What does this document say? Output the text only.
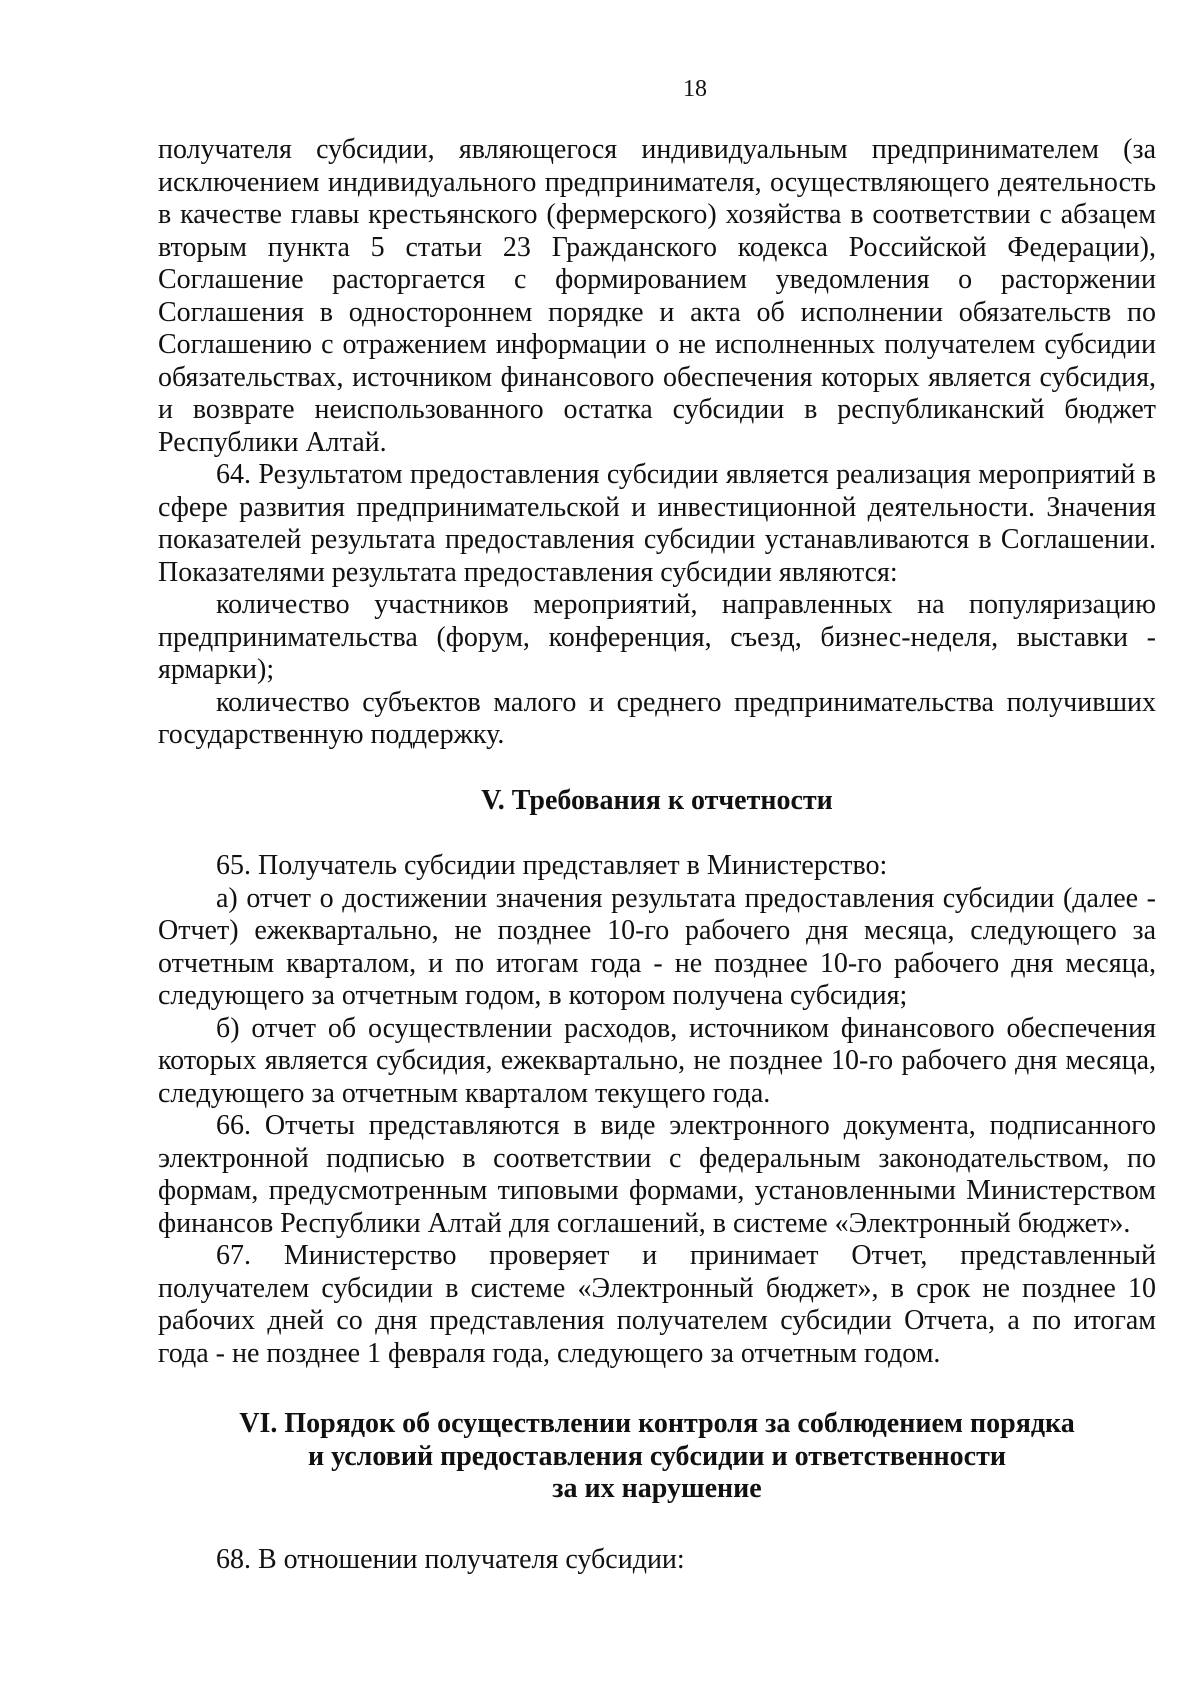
18

получателя субсидии, являющегося индивидуальным предпринимателем (за исключением индивидуального предпринимателя, осуществляющего деятельность в качестве главы крестьянского (фермерского) хозяйства в соответствии с абзацем вторым пункта 5 статьи 23 Гражданского кодекса Российской Федерации), Соглашение расторгается с формированием уведомления о расторжении Соглашения в одностороннем порядке и акта об исполнении обязательств по Соглашению с отражением информации о не исполненных получателем субсидии обязательствах, источником финансового обеспечения которых является субсидия, и возврате неиспользованного остатка субсидии в республиканский бюджет Республики Алтай.

64. Результатом предоставления субсидии является реализация мероприятий в сфере развития предпринимательской и инвестиционной деятельности. Значения показателей результата предоставления субсидии устанавливаются в Соглашении. Показателями результата предоставления субсидии являются:

количество участников мероприятий, направленных на популяризацию предпринимательства (форум, конференция, съезд, бизнес-неделя, выставки - ярмарки);

количество субъектов малого и среднего предпринимательства получивших государственную поддержку.

V. Требования к отчетности

65. Получатель субсидии представляет в Министерство:

а) отчет о достижении значения результата предоставления субсидии (далее - Отчет) ежеквартально, не позднее 10-го рабочего дня месяца, следующего за отчетным кварталом, и по итогам года - не позднее 10-го рабочего дня месяца, следующего за отчетным годом, в котором получена субсидия;

б) отчет об осуществлении расходов, источником финансового обеспечения которых является субсидия, ежеквартально, не позднее 10-го рабочего дня месяца, следующего за отчетным кварталом текущего года.

66. Отчеты представляются в виде электронного документа, подписанного электронной подписью в соответствии с федеральным законодательством, по формам, предусмотренным типовыми формами, установленными Министерством финансов Республики Алтай для соглашений, в системе «Электронный бюджет».

67. Министерство проверяет и принимает Отчет, представленный получателем субсидии в системе «Электронный бюджет», в срок не позднее 10 рабочих дней со дня представления получателем субсидии Отчета, а по итогам года - не позднее 1 февраля года, следующего за отчетным годом.

VI. Порядок об осуществлении контроля за соблюдением порядка
и условий предоставления субсидии и ответственности
за их нарушение

68. В отношении получателя субсидии:
